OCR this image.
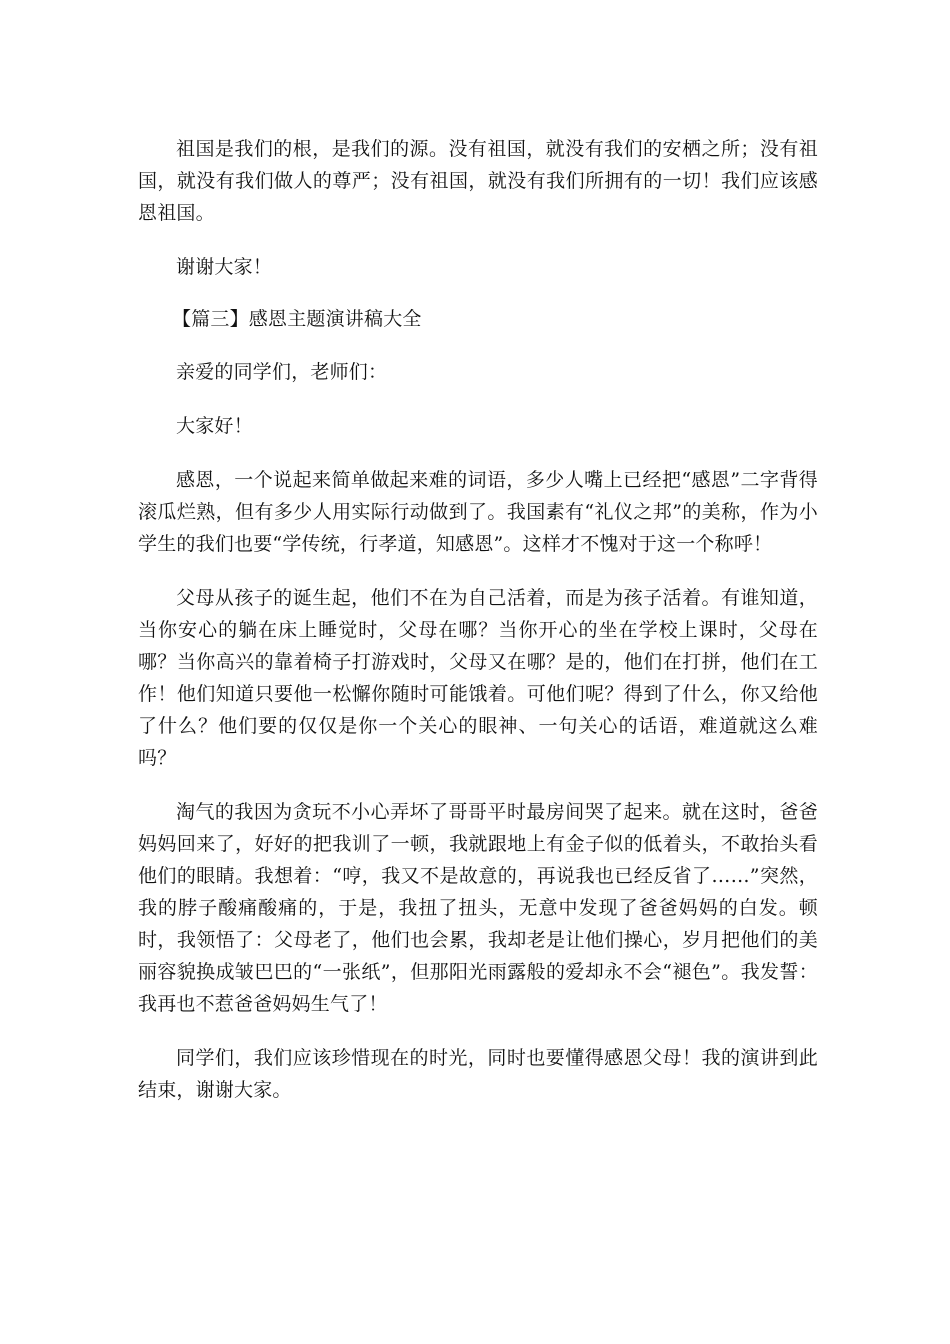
祖国是我们的根，是我们的源。没有祖国，就没有我们的安栖之所；没有祖国，就没有我们做人的尊严；没有祖国，就没有我们所拥有的一切！我们应该感恩祖国。

谢谢大家！

【篇三】感恩主题演讲稿大全

亲爱的同学们，老师们：

大家好！

感恩，一个说起来简单做起来难的词语，多少人嘴上已经把“感恩”二字背得滚瓜烂熟，但有多少人用实际行动做到了。我国素有“礼仪之邦”的美称，作为小学生的我们也要“学传统，行孝道，知感恩”。这样才不愧对于这一个称呼！

父母从孩子的诞生起，他们不在为自己活着，而是为孩子活着。有谁知道，当你安心的躺在床上睡觉时，父母在哪？当你开心的坐在学校上课时，父母在哪？当你高兴的靠着椅子打游戏时，父母又在哪？是的，他们在打拼，他们在工作！他们知道只要他一松懈你随时可能饿着。可他们呢？得到了什么，你又给他了什么？他们要的仅仅是你一个关心的眼神、一句关心的话语，难道就这么难吗？

淘气的我因为贪玩不小心弄坏了哥哥平时最房间哭了起来。就在这时，爸爸妈妈回来了，好好的把我训了一顿，我就跟地上有金子似的低着头，不敢抬头看他们的眼睛。我想着：“哼，我又不是故意的，再说我也已经反省了……”突然，我的脖子酸痛酸痛的，于是，我扭了扭头，无意中发现了爸爸妈妈的白发。顿时，我领悟了：父母老了，他们也会累，我却老是让他们操心，岁月把他们的美丽容貌换成皱巴巴的“一张纸”，但那阳光雨露般的爱却永不会“褪色”。我发誓：我再也不惹爸爸妈妈生气了！

同学们，我们应该珍惜现在的时光，同时也要懂得感恩父母！我的演讲到此结束，谢谢大家。
